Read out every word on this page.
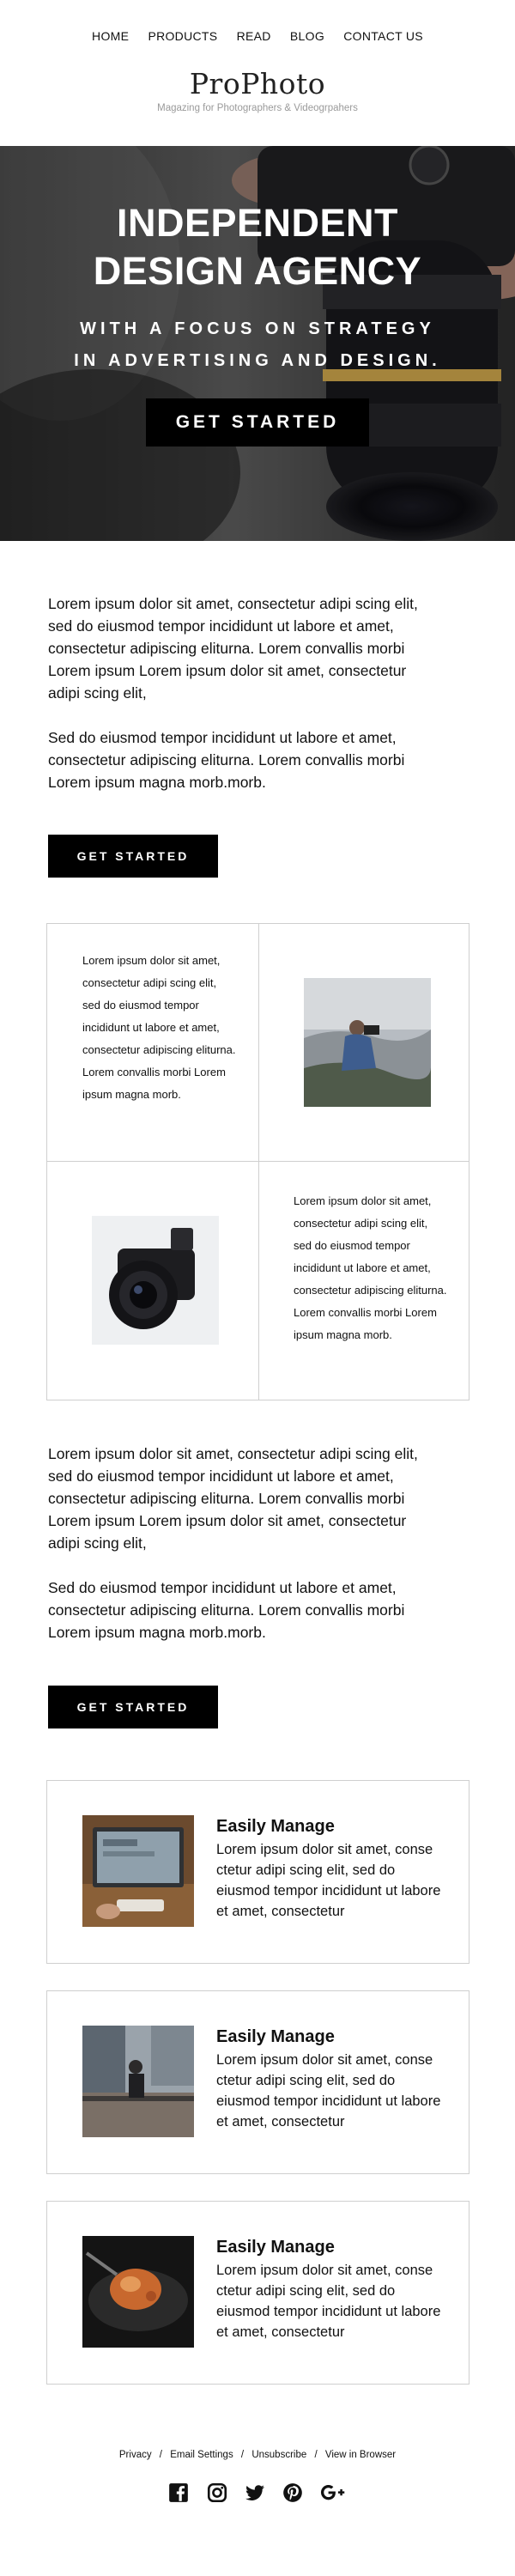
HOME PRODUCTS READ BLOG CONTACT US
ProPhoto
Magazing for Photographers & Videogrpahers
INDEPENDENT
DESIGN AGENCY
WITH A FOCUS ON STRATEGY
IN ADVERTISING AND DESIGN.
GET STARTED

Lorem ipsum dolor sit amet, consectetur adipi scing elit, sed do eiusmod tempor incididunt ut labore et amet, consectetur adipiscing eliturna. Lorem convallis morbi Lorem ipsum Lorem ipsum dolor sit amet, consectetur adipi scing elit,

Sed do eiusmod tempor incididunt ut labore et amet, consectetur adipiscing eliturna. Lorem convallis morbi Lorem ipsum magna morb.morb.

GET STARTED
Lorem ipsum dolor sit amet, consectetur adipi scing elit, sed do eiusmod tempor incididunt ut labore et amet, consectetur adipiscing eliturna. Lorem convallis morbi Lorem ipsum magna morb.
Lorem ipsum dolor sit amet, consectetur adipi scing elit, sed do eiusmod tempor incididunt ut labore et amet, consectetur adipiscing eliturna. Lorem convallis morbi Lorem ipsum magna morb.

Lorem ipsum dolor sit amet, consectetur adipi scing elit, sed do eiusmod tempor incididunt ut labore et amet, consectetur adipiscing eliturna. Lorem convallis morbi Lorem ipsum Lorem ipsum dolor sit amet, consectetur adipi scing elit,

Sed do eiusmod tempor incididunt ut labore et amet, consectetur adipiscing eliturna. Lorem convallis morbi Lorem ipsum magna morb.morb.

GET STARTED
Easily Manage
Lorem ipsum dolor sit amet, conse ctetur adipi scing elit, sed do eiusmod tempor incididunt ut labore et amet, consectetur
Easily Manage
Lorem ipsum dolor sit amet, conse ctetur adipi scing elit, sed do eiusmod tempor incididunt ut labore et amet, consectetur
Easily Manage
Lorem ipsum dolor sit amet, conse ctetur adipi scing elit, sed do eiusmod tempor incididunt ut labore et amet, consectetur
Privacy / Email Settings / Unsubscribe / View in Browser
